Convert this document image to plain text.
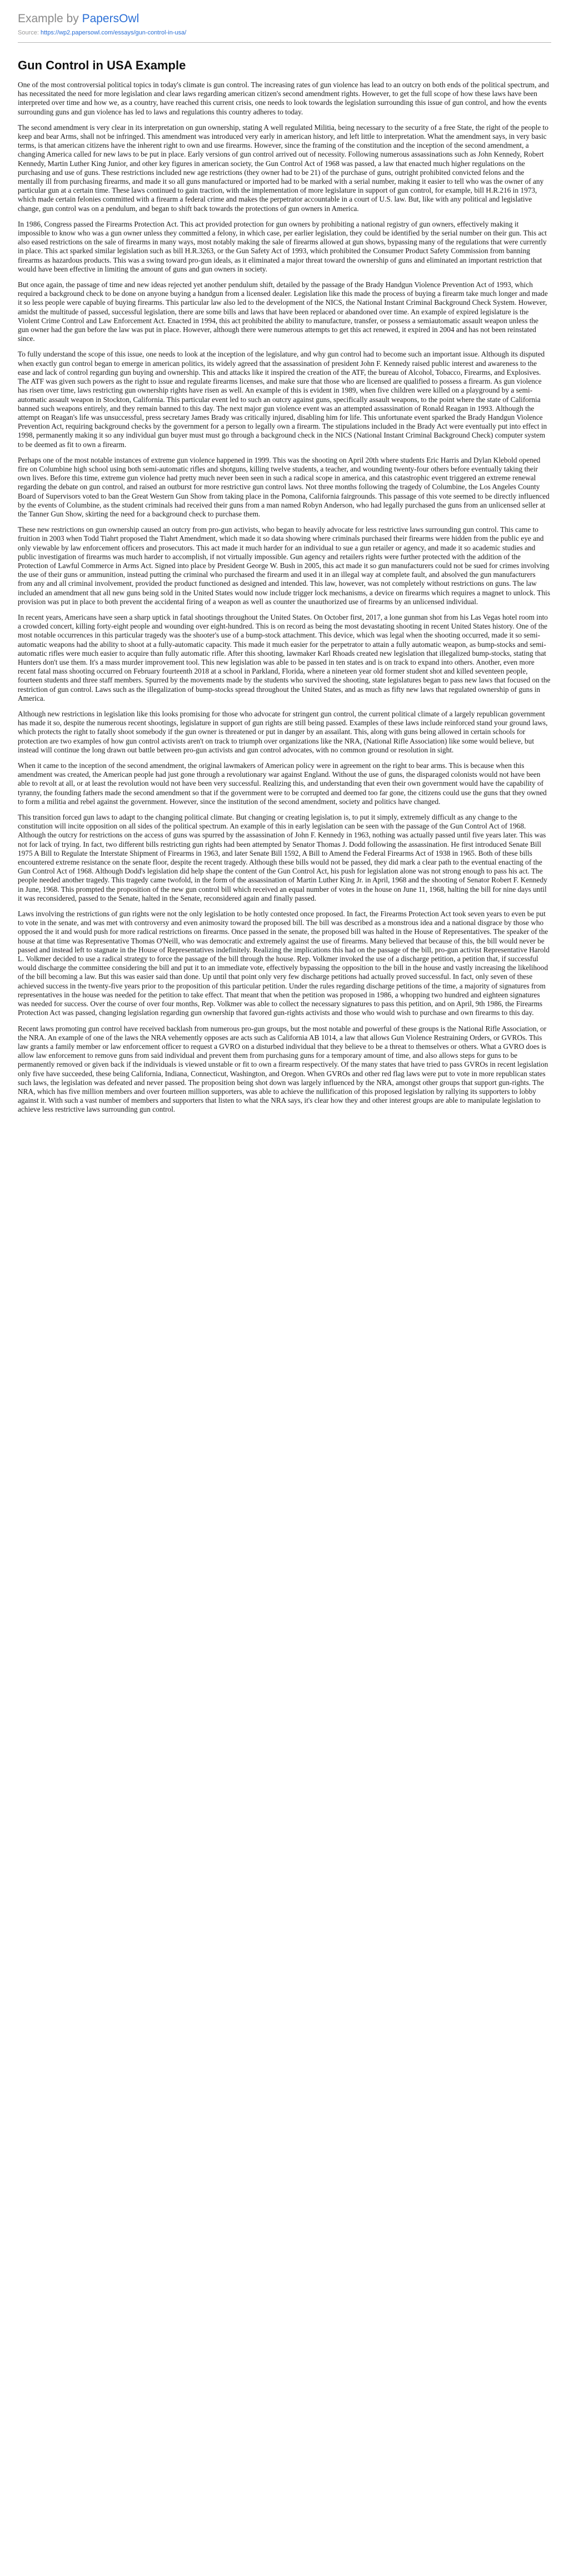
Example by PapersOwl
Source: https://wp2.papersowl.com/essays/gun-control-in-usa/
Gun Control in USA Example

One of the most controversial political topics in today's climate is gun control. The increasing rates of gun violence has lead to an outcry on both ends of the political spectrum, and has necessitated the need for more legislation and clear laws regarding american citizen's second amendment rights. However, to get the full scope of how these laws have been interpreted over time and how we, as a country, have reached this current crisis, one needs to look towards the legislation surrounding this issue of gun control, and how the events surrounding guns and gun violence has led to laws and regulations this country adheres to today.

The second amendment is very clear in its interpretation on gun ownership, stating A well regulated Militia, being necessary to the security of a free State, the right of the people to keep and bear Arms, shall not be infringed. This amendment was introduced very early in american history, and left little to interpretation. What the amendment says, in very basic terms, is that american citizens have the inherent right to own and use firearms. However, since the framing of the constitution and the inception of the second amendment, a changing America called for new laws to be put in place. Early versions of gun control arrived out of necessity. Following numerous assassinations such as John Kennedy, Robert Kennedy, Martin Luther King Junior, and other key figures in american society, the Gun Control Act of 1968 was passed, a law that enacted much higher regulations on the purchasing and use of guns. These restrictions included new age restrictions (they owner had to be 21) of the purchase of guns, outright prohibited convicted felons and the mentally ill from purchasing firearms, and made it so all guns manufactured or imported had to be marked with a serial number, making it easier to tell who was the owner of any particular gun at a certain time. These laws continued to gain traction, with the implementation of more legislature in support of gun control, for example, bill H.R.216 in 1973, which made certain felonies committed with a firearm a federal crime and makes the perpetrator accountable in a court of U.S. law. But, like with any political and legislative change, gun control was on a pendulum, and began to shift back towards the protections of gun owners in America.

In 1986, Congress passed the Firearms Protection Act. This act provided protection for gun owners by prohibiting a national registry of gun owners, effectively making it impossible to know who was a gun owner unless they committed a felony, in which case, per earlier legislation, they could be identified by the serial number on their gun. This act also eased restrictions on the sale of firearms in many ways, most notably making the sale of firearms allowed at gun shows, bypassing many of the regulations that were currently in place. This act sparked similar legislation such as bill H.R.3263, or the Gun Safety Act of 1993, which prohibited the Consumer Product Safety Commission from banning firearms as hazardous products. This was a swing toward pro-gun ideals, as it eliminated a major threat toward the ownership of guns and eliminated an important restriction that would have been effective in limiting the amount of guns and gun owners in society.

But once again, the passage of time and new ideas rejected yet another pendulum shift, detailed by the passage of the Brady Handgun Violence Prevention Act of 1993, which required a background check to be done on anyone buying a handgun from a licensed dealer. Legislation like this made the process of buying a firearm take much longer and made it so less people were capable of buying firearms. This particular law also led to the development of the NICS, the National Instant Criminal Background Check System. However, amidst the multitude of passed, successful legislation, there are some bills and laws that have been replaced or abandoned over time. An example of expired legislature is the Violent Crime Control and Law Enforcement Act. Enacted in 1994, this act prohibited the ability to manufacture, transfer, or possess a semiautomatic assault weapon unless the gun owner had the gun before the law was put in place. However, although there were numerous attempts to get this act renewed, it expired in 2004 and has not been reinstated since.

To fully understand the scope of this issue, one needs to look at the inception of the legislature, and why gun control had to become such an important issue. Although its disputed when exactly gun control began to emerge in american politics, its widely agreed that the assassination of president John F. Kennedy raised public interest and awareness to the ease and lack of control regarding gun buying and ownership. This and attacks like it inspired the creation of the ATF, the bureau of Alcohol, Tobacco, Firearms, and Explosives. The ATF was given such powers as the right to issue and regulate firearms licenses, and make sure that those who are licensed are qualified to possess a firearm. As gun violence has risen over time, laws restricting gun ownership rights have risen as well. An example of this is evident in 1989, when five children were killed on a playground by a semi-automatic assault weapon in Stockton, California. This particular event led to such an outcry against guns, specifically assault weapons, to the point where the state of California banned such weapons entirely, and they remain banned to this day. The next major gun violence event was an attempted assassination of Ronald Reagan in 1993. Although the attempt on Reagan's life was unsuccessful, press secretary James Brady was critically injured, disabling him for life. This unfortunate event sparked the Brady Handgun Violence Prevention Act, requiring background checks by the government for a person to legally own a firearm. The stipulations included in the Brady Act were eventually put into effect in 1998, permanently making it so any individual gun buyer must must go through a background check in the NICS (National Instant Criminal Background Check) computer system to be deemed as fit to own a firearm.

Perhaps one of the most notable instances of extreme gun violence happened in 1999. This was the shooting on April 20th where students Eric Harris and Dylan Klebold opened fire on Columbine high school using both semi-automatic rifles and shotguns, killing twelve students, a teacher, and wounding twenty-four others before eventually taking their own lives. Before this time, extreme gun violence had pretty much never been seen in such a radical scope in america, and this catastrophic event triggered an extreme renewal regarding the debate on gun control, and raised an outburst for more restrictive gun control laws. Not three months following the tragedy of Columbine, the Los Angeles County Board of Supervisors voted to ban the Great Western Gun Show from taking place in the Pomona, California fairgrounds. This passage of this vote seemed to be directly influenced by the events of Columbine, as the student criminals had received their guns from a man named Robyn Anderson, who had legally purchased the guns from an unlicensed seller at the Tanner Gun Show, skirting the need for a background check to purchase them.

These new restrictions on gun ownership caused an outcry from pro-gun activists, who began to heavily advocate for less restrictive laws surrounding gun control. This came to fruition in 2003 when Todd Tiahrt proposed the Tiahrt Amendment, which made it so data showing where criminals purchased their firearms were hidden from the public eye and only viewable by law enforcement officers and prosecutors. This act made it much harder for an individual to sue a gun retailer or agency, and made it so academic studies and public investigation of firearms was much harder to accomplish, if not virtually impossible. Gun agency and retailers rights were further protected with the addition of the Protection of Lawful Commerce in Arms Act. Signed into place by President George W. Bush in 2005, this act made it so gun manufacturers could not be sued for crimes involving the use of their guns or ammunition, instead putting the criminal who purchased the firearm and used it in an illegal way at complete fault, and absolved the gun manufacturers from any and all criminal involvement, provided the product functioned as designed and intended. This law, however, was not completely without restrictions on guns. The law included an amendment that all new guns being sold in the United States would now include trigger lock mechanisms, a device on firearms which requires a magnet to unlock. This provision was put in place to both prevent the accidental firing of a weapon as well as counter the unauthorized use of firearms by an unlicensed individual.

In recent years, Americans have seen a sharp uptick in fatal shootings throughout the United States. On October first, 2017, a lone gunman shot from his Las Vegas hotel room into a crowded concert, killing forty-eight people and wounding over eight-hundred. This is on record as being the most devastating shooting in recent United States history. One of the most notable occurrences in this particular tragedy was the shooter's use of a bump-stock attachment. This device, which was legal when the shooting occurred, made it so semi-automatic weapons had the ability to shoot at a fully-automatic capacity. This made it much easier for the perpetrator to attain a fully automatic weapon, as bump-stocks and semi-automatic rifles were much easier to acquire than fully automatic rifle. After this shooting, lawmaker Karl Rhoads created new legislation that illegalized bump-stocks, stating that Hunters don't use them. It's a mass murder improvement tool. This new legislation was able to be passed in ten states and is on track to expand into others. Another, even more recent fatal mass shooting occurred on February fourteenth 2018 at a school in Parkland, Florida, where a nineteen year old former student shot and killed seventeen people, fourteen students and three staff members. Spurred by the movements made by the students who survived the shooting, state legislatures began to pass new laws that focused on the restriction of gun control. Laws such as the illegalization of bump-stocks spread throughout the United States, and as much as fifty new laws that regulated ownership of guns in America.

Although new restrictions in legislation like this looks promising for those who advocate for stringent gun control, the current political climate of a largely republican government has made it so, despite the numerous recent shootings, legislature in support of gun rights are still being passed. Examples of these laws include reinforced stand your ground laws, which protects the right to fatally shoot somebody if the gun owner is threatened or put in danger by an assailant. This, along with guns being allowed in certain schools for protection are two examples of how gun control activists aren't on track to triumph over organizations like the NRA, (National Rifle Association) like some would believe, but instead will continue the long drawn out battle between pro-gun activists and gun control advocates, with no common ground or resolution in sight.

When it came to the inception of the second amendment, the original lawmakers of American policy were in agreement on the right to bear arms. This is because when this amendment was created, the American people had just gone through a revolutionary war against England. Without the use of guns, the disparaged colonists would not have been able to revolt at all, or at least the revolution would not have been very successful. Realizing this, and understanding that even their own government would have the capability of tyranny, the founding fathers made the second amendment so that if the government were to be corrupted and deemed too far gone, the citizens could use the guns that they owned to form a militia and rebel against the government. However, since the institution of the second amendment, society and politics have changed.

This transition forced gun laws to adapt to the changing political climate. But changing or creating legislation is, to put it simply, extremely difficult as any change to the constitution will incite opposition on all sides of the political spectrum. An example of this in early legislation can be seen with the passage of the Gun Control Act of 1968. Although the outcry for restrictions on the access of guns was spurred by the assassination of John F. Kennedy in 1963, nothing was actually passed until five years later. This was not for lack of trying. In fact, two different bills restricting gun rights had been attempted by Senator Thomas J. Dodd following the assassination. He first introduced Senate Bill 1975 A Bill to Regulate the Interstate Shipment of Firearms in 1963, and later Senate Bill 1592, A Bill to Amend the Federal Firearms Act of 1938 in 1965. Both of these bills encountered extreme resistance on the senate floor, despite the recent tragedy. Although these bills would not be passed, they did mark a clear path to the eventual enacting of the Gun Control Act of 1968. Although Dodd's legislation did help shape the content of the Gun Control Act, his push for legislation alone was not strong enough to pass his act. The people needed another tragedy. This tragedy came twofold, in the form of the assassination of Martin Luther King Jr. in April, 1968 and the shooting of Senator Robert F. Kennedy in June, 1968. This prompted the proposition of the new gun control bill which received an equal number of votes in the house on June 11, 1968, halting the bill for nine days until it was reconsidered, passed to the Senate, halted in the Senate, reconsidered again and finally passed.

Laws involving the restrictions of gun rights were not the only legislation to be hotly contested once proposed. In fact, the Firearms Protection Act took seven years to even be put to vote in the senate, and was met with controversy and even animosity toward the proposed bill. The bill was described as a monstrous idea and a national disgrace by those who opposed the it and would push for more radical restrictions on firearms. Once passed in the senate, the proposed bill was halted in the House of Representatives. The speaker of the house at that time was Representative Thomas O'Neill, who was democratic and extremely against the use of firearms. Many believed that because of this, the bill would never be passed and instead left to stagnate in the House of Representatives indefinitely. Realizing the implications this had on the passage of the bill, pro-gun activist Representative Harold L. Volkmer decided to use a radical strategy to force the passage of the bill through the house. Rep. Volkmer invoked the use of a discharge petition, a petition that, if successful would discharge the committee considering the bill and put it to an immediate vote, effectively bypassing the opposition to the bill in the house and vastly increasing the likelihood of the bill becoming a law. But this was easier said than done. Up until that point only very few discharge petitions had actually proved successful. In fact, only seven of these achieved success in the twenty-five years prior to the proposition of this particular petition. Under the rules regarding discharge petitions of the time, a majority of signatures from representatives in the house was needed for the petition to take effect. That meant that when the petition was proposed in 1986, a whopping two hundred and eighteen signatures was needed for success. Over the course of over four months, Rep. Volkmer was able to collect the necessary signatures to pass this petition, and on April, 9th 1986, the Firearms Protection Act was passed, changing legislation regarding gun ownership that favored gun-rights activists and those who would wish to purchase and own firearms to this day.

Recent laws promoting gun control have received backlash from numerous pro-gun groups, but the most notable and powerful of these groups is the National Rifle Association, or the NRA. An example of one of the laws the NRA vehemently opposes are acts such as California AB 1014, a law that allows Gun Violence Restraining Orders, or GVROs. This law grants a family member or law enforcement officer to request a GVRO on a disturbed individual that they believe to be a threat to themselves or others. What a GVRO does is allow law enforcement to remove guns from said individual and prevent them from purchasing guns for a temporary amount of time, and also allows steps for guns to be permanently removed or given back if the individuals is viewed unstable or fit to own a firearm respectively. Of the many states that have tried to pass GVROs in recent legislation only five have succeeded, these being California, Indiana, Connecticut, Washington, and Oregon. When GVROs and other red flag laws were put to vote in more republican states such laws, the legislation was defeated and never passed. The proposition being shot down was largely influenced by the NRA, amongst other groups that support gun-rights. The NRA, which has five million members and over fourteen million supporters, was able to achieve the nullification of this proposed legislation by rallying its supporters to lobby against it. With such a vast number of members and supporters that listen to what the NRA says, it's clear how they and other interest groups are able to manipulate legislation to achieve less restrictive laws surrounding gun control.
